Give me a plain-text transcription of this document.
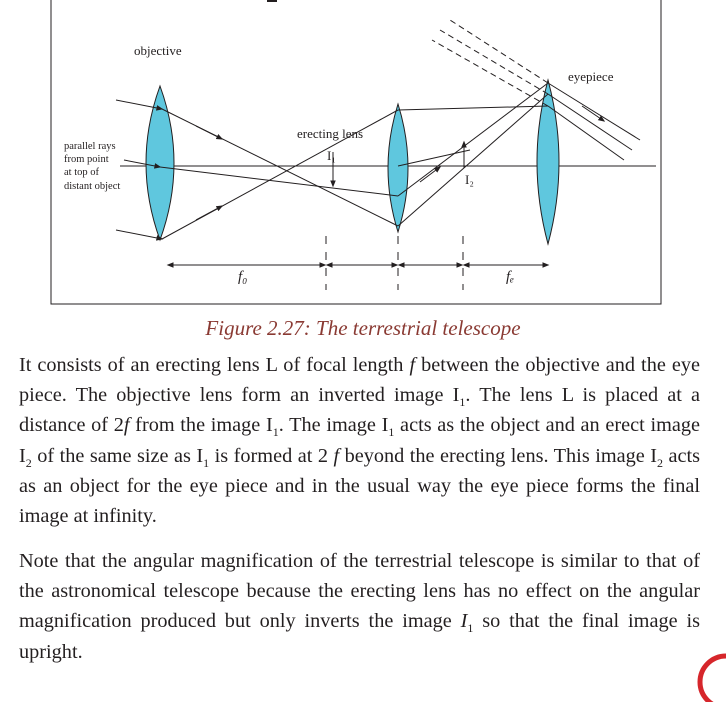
objective
eyepiece
erecting lens
I₁
I₂
parallel rays
from point
at top of
distant object
f₀	fₑ
Figure 2.27: The terrestrial telescope

It consists of an erecting lens L of focal length f between the objective and the eye piece. The objective lens form an inverted image $I_1$. The lens L is placed at a distance of 2f from the image $I_1$. The image $I_1$ acts as the object and an erect image $I_2$ of the same size as $I_1$ is formed at 2 f beyond the erecting lens. This image $I_2$ acts as an object for the eye piece and in the usual way the eye piece forms the final image at infinity.

Note that the angular magnification of the terrestrial telescope is similar to that of the astronomical telescope because the erecting lens has no effect on the angular magnification produced but only inverts the image $I_1$ so that the final image is upright.
